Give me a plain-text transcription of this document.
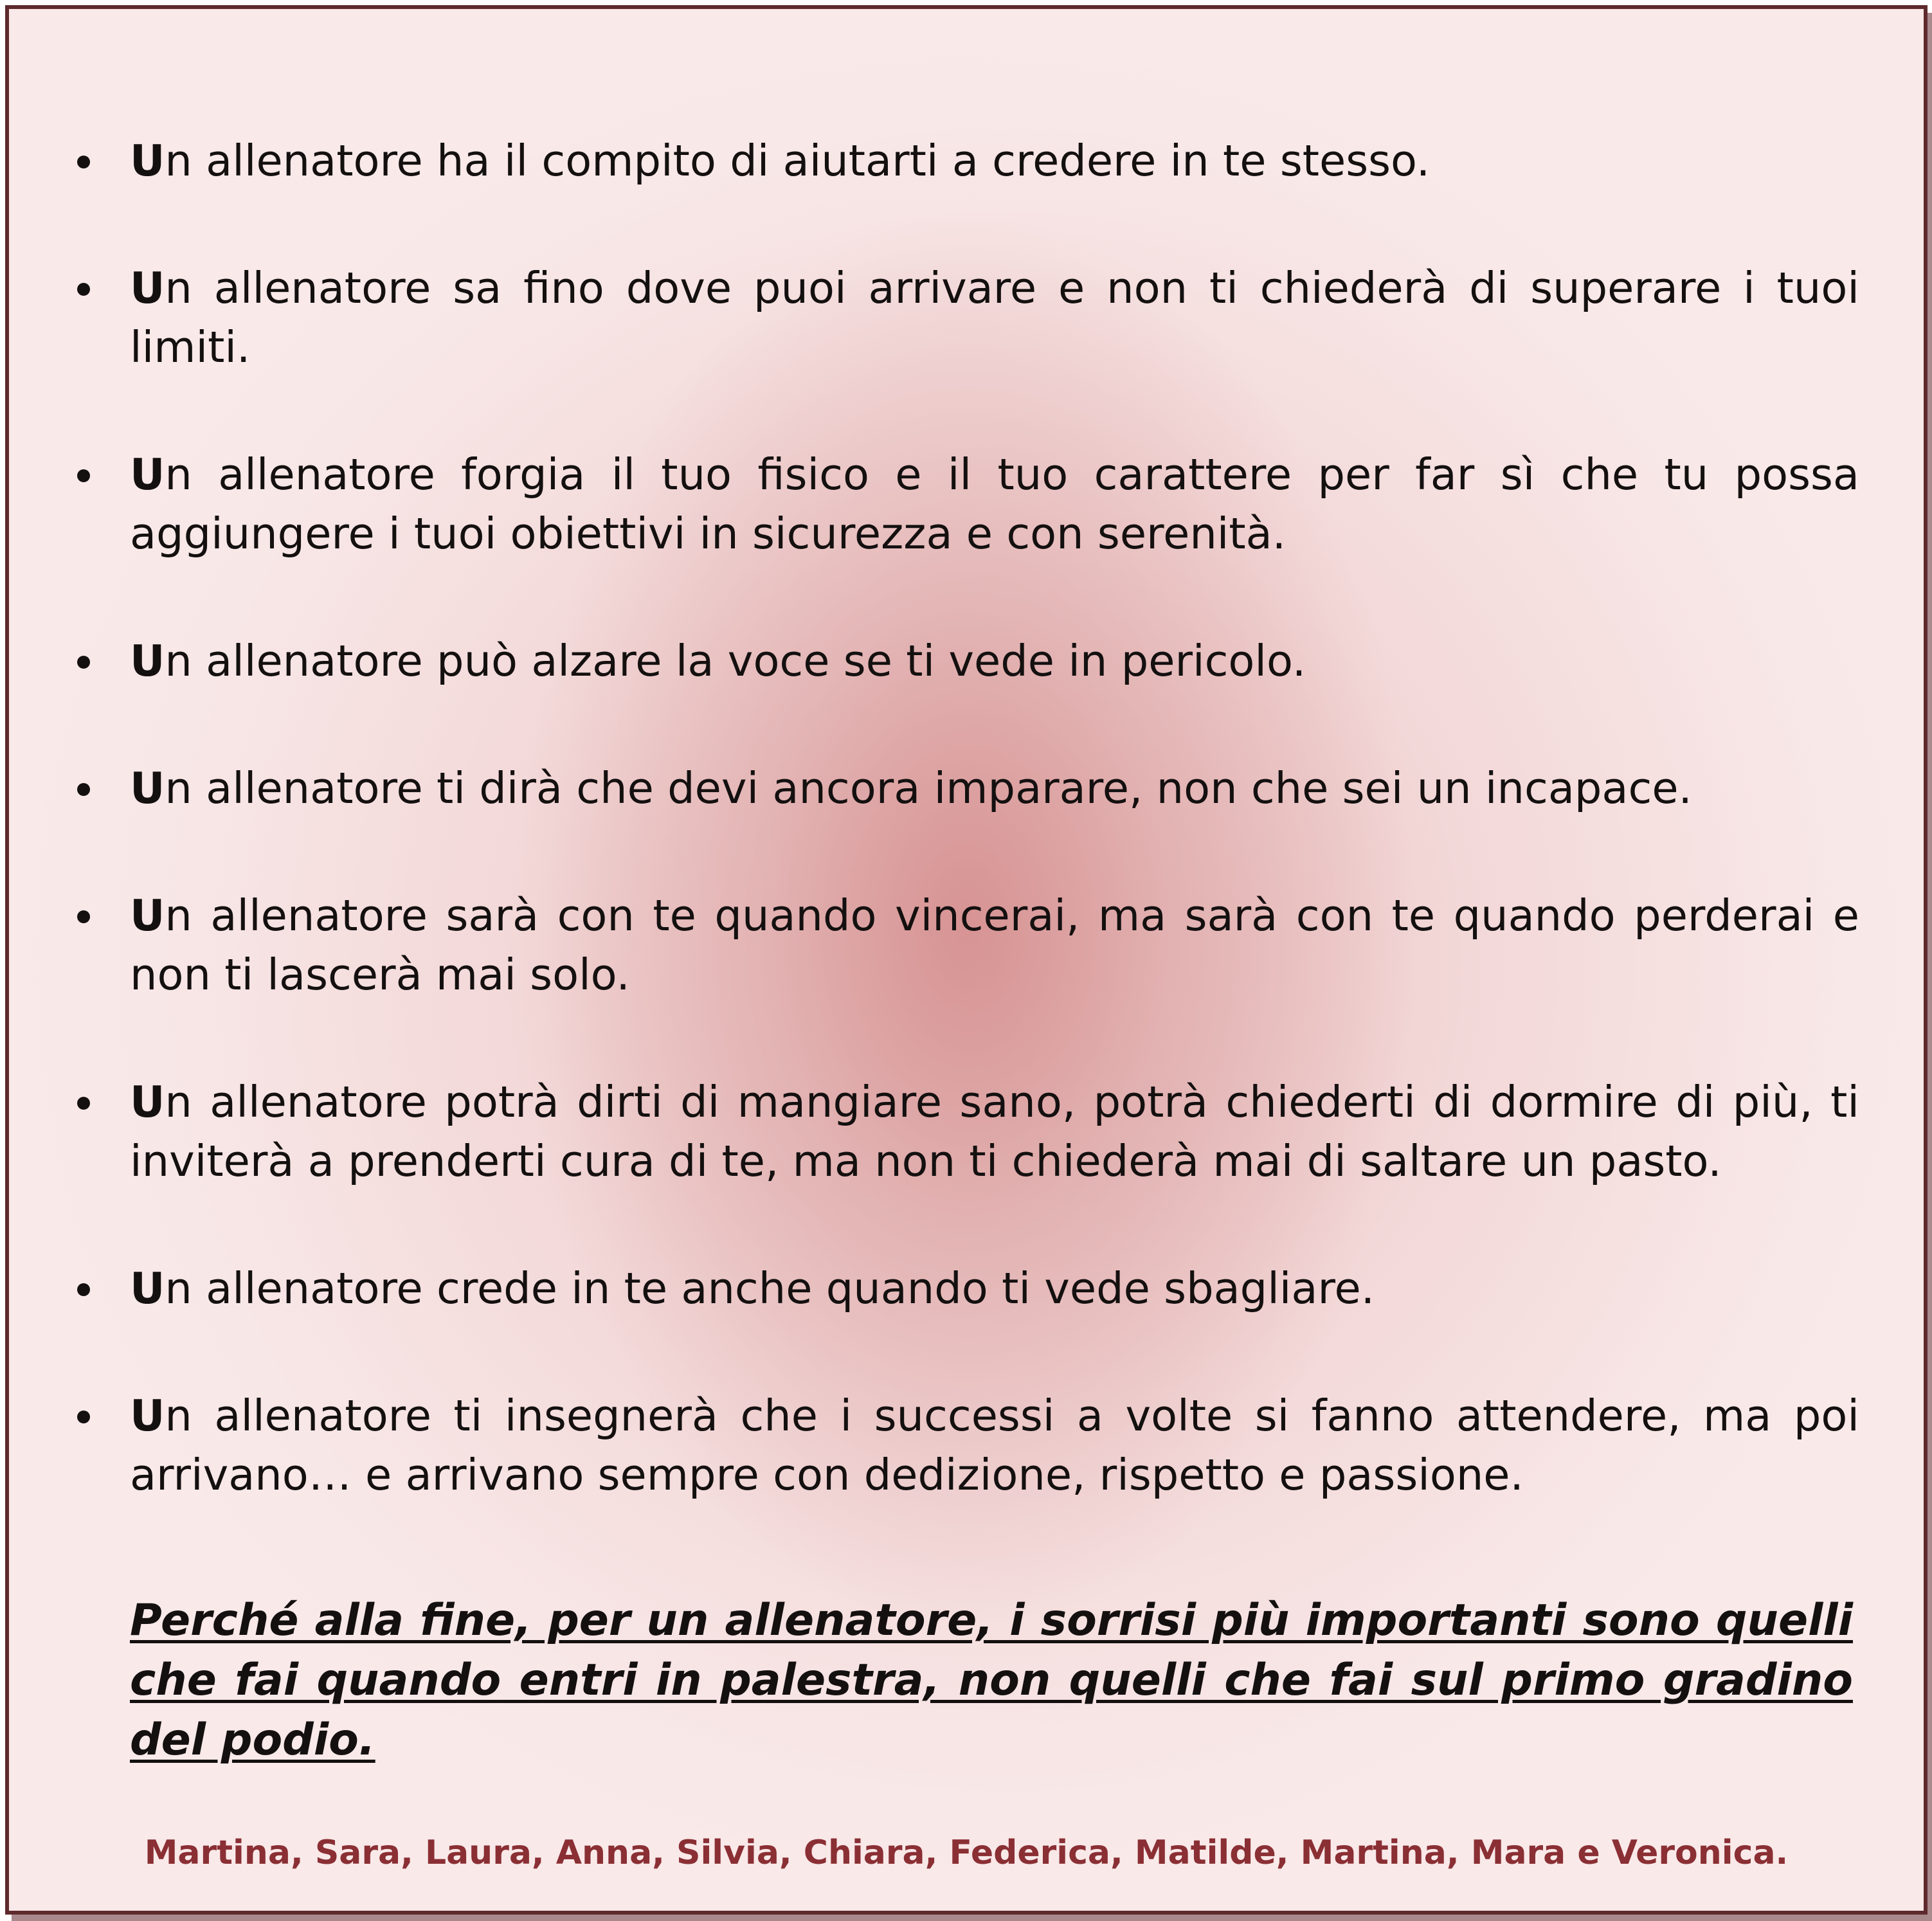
Un allenatore ha il compito di aiutarti a credere in te stesso.
Un allenatore sa fino dove puoi arrivare e non ti chiederà di superare i tuoi limiti.
Un allenatore forgia il tuo fisico e il tuo carattere per far sì che tu possa aggiungere i tuoi obiettivi in sicurezza e con serenità.
Un allenatore può alzare la voce se ti vede in pericolo.
Un allenatore ti dirà che devi ancora imparare, non che sei un incapace.
Un allenatore sarà con te quando vincerai, ma sarà con te quando perderai e non ti lascerà mai solo.
Un allenatore potrà dirti di mangiare sano, potrà chiederti di dormire di più, ti inviterà a prenderti cura di te, ma non ti chiederà mai di saltare un pasto.
Un allenatore crede in te anche quando ti vede sbagliare.
Un allenatore ti insegnerà che i successi a volte si fanno attendere, ma poi arrivano… e arrivano sempre con dedizione, rispetto e passione.

Perché alla fine, per un allenatore, i sorrisi più importanti sono quelli che fai quando entri in palestra, non quelli che fai sul primo gradino del podio.

Martina, Sara, Laura, Anna, Silvia, Chiara, Federica, Matilde, Martina, Mara e Veronica.
